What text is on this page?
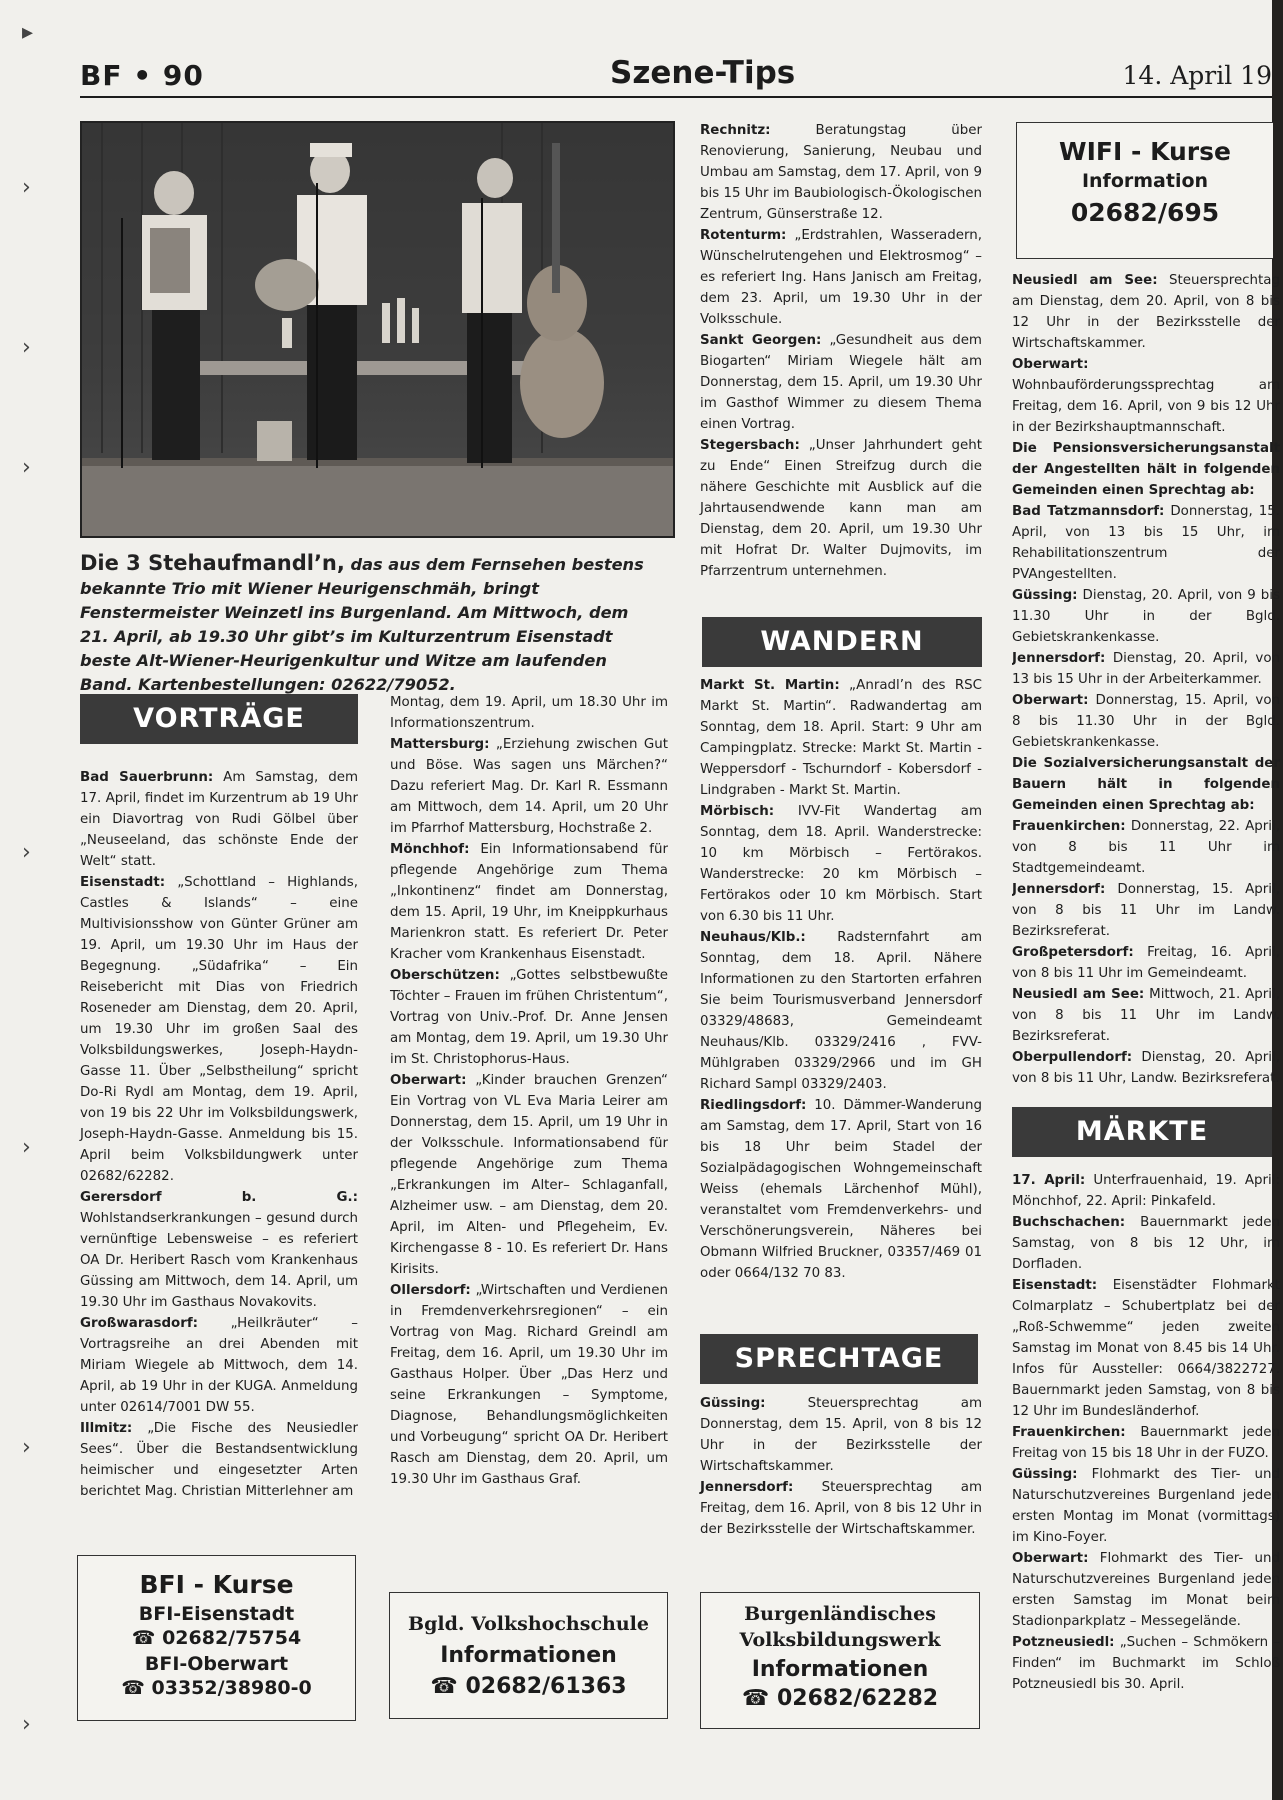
▸
›
›
›
›
›
›
›
BF • 90	Szene-Tips	14. April 19
Die 3 Stehaufmandl’n, das aus dem Fernsehen bestens bekannte Trio mit Wiener Heurigenschmäh, bringt Fenstermeister Weinzetl ins Burgenland. Am Mittwoch, dem 21. April, ab 19.30 Uhr gibt’s im Kulturzentrum Eisenstadt beste Alt-Wiener-Heurigenkultur und Witze am laufenden Band. Kartenbestellungen: 02622/79052.
VORTRÄGE

Bad Sauerbrunn: Am Samstag, dem 17. April, findet im Kurzentrum ab 19 Uhr ein Diavortrag von Rudi Gölbel über „Neuseeland, das schönste Ende der Welt“ statt.

Eisenstadt: „Schottland – Highlands, Castles & Islands“ – eine Multivisionsshow von Günter Grüner am 19. April, um 19.30 Uhr im Haus der Begegnung. „Südafrika“ – Ein Reisebericht mit Dias von Friedrich Roseneder am Dienstag, dem 20. April, um 19.30 Uhr im großen Saal des Volksbildungswerkes, Joseph-Haydn-Gasse 11. Über „Selbstheilung“ spricht Do-Ri Rydl am Montag, dem 19. April, von 19 bis 22 Uhr im Volksbildungswerk, Joseph-Haydn-Gasse. Anmeldung bis 15. April beim Volksbildungwerk unter 02682/62282.

Gerersdorf b. G.: Wohlstandserkrankungen – gesund durch vernünftige Lebensweise – es referiert OA Dr. Heribert Rasch vom Krankenhaus Güssing am Mittwoch, dem 14. April, um 19.30 Uhr im Gasthaus Novakovits.

Großwarasdorf: „Heilkräuter“ – Vortragsreihe an drei Abenden mit Miriam Wiegele ab Mittwoch, dem 14. April, ab 19 Uhr in der KUGA. Anmeldung unter 02614/7001 DW 55.

Illmitz: „Die Fische des Neusiedler Sees“. Über die Bestandsentwicklung heimischer und eingesetzter Arten berichtet Mag. Christian Mitterlehner am

Montag, dem 19. April, um 18.30 Uhr im Informationszentrum.

Mattersburg: „Erziehung zwischen Gut und Böse. Was sagen uns Märchen?“ Dazu referiert Mag. Dr. Karl R. Essmann am Mittwoch, dem 14. April, um 20 Uhr im Pfarrhof Mattersburg, Hochstraße 2.

Mönchhof: Ein Informationsabend für pflegende Angehörige zum Thema „Inkontinenz“ findet am Donnerstag, dem 15. April, 19 Uhr, im Kneippkurhaus Marienkron statt. Es referiert Dr. Peter Kracher vom Krankenhaus Eisenstadt.

Oberschützen: „Gottes selbstbewußte Töchter – Frauen im frühen Christentum“, Vortrag von Univ.-Prof. Dr. Anne Jensen am Montag, dem 19. April, um 19.30 Uhr im St. Christophorus-Haus.

Oberwart: „Kinder brauchen Grenzen“ Ein Vortrag von VL Eva Maria Leirer am Donnerstag, dem 15. April, um 19 Uhr in der Volksschule. Informationsabend für pflegende Angehörige zum Thema „Erkrankungen im Alter– Schlaganfall, Alzheimer usw. – am Dienstag, dem 20. April, im Alten- und Pflegeheim, Ev. Kirchengasse 8 - 10. Es referiert Dr. Hans Kirisits.

Ollersdorf: „Wirtschaften und Verdienen in Fremdenverkehrsregionen“ – ein Vortrag von Mag. Richard Greindl am Freitag, dem 16. April, um 19.30 Uhr im Gasthaus Holper. Über „Das Herz und seine Erkrankungen – Symptome, Diagnose, Behandlungsmöglichkeiten und Vorbeugung“ spricht OA Dr. Heribert Rasch am Dienstag, dem 20. April, um 19.30 Uhr im Gasthaus Graf.

Rechnitz: Beratungstag über Renovierung, Sanierung, Neubau und Umbau am Samstag, dem 17. April, von 9 bis 15 Uhr im Baubiologisch-Ökologischen Zentrum, Günserstraße 12.

Rotenturm: „Erdstrahlen, Wasseradern, Wünschelrutengehen und Elektrosmog“ – es referiert Ing. Hans Janisch am Freitag, dem 23. April, um 19.30 Uhr in der Volksschule.

Sankt Georgen: „Gesundheit aus dem Biogarten“ Miriam Wiegele hält am Donnerstag, dem 15. April, um 19.30 Uhr im Gasthof Wimmer zu diesem Thema einen Vortrag.

Stegersbach: „Unser Jahrhundert geht zu Ende“ Einen Streifzug durch die nähere Geschichte mit Ausblick auf die Jahrtausendwende kann man am Dienstag, dem 20. April, um 19.30 Uhr mit Hofrat Dr. Walter Dujmovits, im Pfarrzentrum unternehmen.

WANDERN

Markt St. Martin: „Anradl’n des RSC Markt St. Martin“. Radwandertag am Sonntag, dem 18. April. Start: 9 Uhr am Campingplatz. Strecke: Markt St. Martin - Weppersdorf - Tschurndorf - Kobersdorf - Lindgraben - Markt St. Martin.

Mörbisch: IVV-Fit Wandertag am Sonntag, dem 18. April. Wanderstrecke: 10 km Mörbisch – Fertörakos. Wanderstrecke: 20 km Mörbisch – Fertörakos oder 10 km Mörbisch. Start von 6.30 bis 11 Uhr.

Neuhaus/Klb.: Radsternfahrt am Sonntag, dem 18. April. Nähere Informationen zu den Startorten erfahren Sie beim Tourismusverband Jennersdorf 03329/48683, Gemeindeamt Neuhaus/Klb. 03329/2416 , FVV-Mühlgraben 03329/2966 und im GH Richard Sampl 03329/2403.

Riedlingsdorf: 10. Dämmer-Wanderung am Samstag, dem 17. April, Start von 16 bis 18 Uhr beim Stadel der Sozialpädagogischen Wohngemeinschaft Weiss (ehemals Lärchenhof Mühl), veranstaltet vom Fremdenverkehrs- und Verschönerungsverein, Näheres bei Obmann Wilfried Bruckner, 03357/469 01 oder 0664/132 70 83.

SPRECHTAGE

Güssing: Steuersprechtag am Donnerstag, dem 15. April, von 8 bis 12 Uhr in der Bezirksstelle der Wirtschaftskammer.

Jennersdorf: Steuersprechtag am Freitag, dem 16. April, von 8 bis 12 Uhr in der Bezirksstelle der Wirtschaftskammer.

WIFI - Kurse
Information
02682/695

Neusiedl am See: Steuersprechtag am Dienstag, dem 20. April, von 8 bis 12 Uhr in der Bezirksstelle der Wirtschaftskammer.

Oberwart: Wohnbauförderungssprechtag am Freitag, dem 16. April, von 9 bis 12 Uhr in der Bezirkshauptmannschaft.

Die Pensionsversicherungsanstalt der Angestellten hält in folgenden Gemeinden einen Sprechtag ab:

Bad Tatzmannsdorf: Donnerstag, 15. April, von 13 bis 15 Uhr, im Rehabilitationszentrum der PVAngestellten.

Güssing: Dienstag, 20. April, von 9 bis 11.30 Uhr in der Bgld. Gebietskrankenkasse.

Jennersdorf: Dienstag, 20. April, von 13 bis 15 Uhr in der Arbeiterkammer.

Oberwart: Donnerstag, 15. April, von 8 bis 11.30 Uhr in der Bgld. Gebietskrankenkasse.

Die Sozialversicherungsanstalt der Bauern hält in folgenden Gemeinden einen Sprechtag ab:

Frauenkirchen: Donnerstag, 22. April, von 8 bis 11 Uhr im Stadtgemeindeamt.

Jennersdorf: Donnerstag, 15. April, von 8 bis 11 Uhr im Landw. Bezirksreferat.

Großpetersdorf: Freitag, 16. April, von 8 bis 11 Uhr im Gemeindeamt.

Neusiedl am See: Mittwoch, 21. April, von 8 bis 11 Uhr im Landw. Bezirksreferat.

Oberpullendorf: Dienstag, 20. April, von 8 bis 11 Uhr, Landw. Bezirksreferat.

MÄRKTE

17. April: Unterfrauenhaid, 19. April: Mönchhof, 22. April: Pinkafeld.

Buchschachen: Bauernmarkt jeden Samstag, von 8 bis 12 Uhr, im Dorfladen.

Eisenstadt: Eisenstädter Flohmarkt Colmarplatz – Schubertplatz bei der „Roß-Schwemme“ jeden zweiten Samstag im Monat von 8.45 bis 14 Uhr. Infos für Aussteller: 0664/3822727. Bauernmarkt jeden Samstag, von 8 bis 12 Uhr im Bundesländerhof.

Frauenkirchen: Bauernmarkt jeden Freitag von 15 bis 18 Uhr in der FUZO.

Güssing: Flohmarkt des Tier- und Naturschutzvereines Burgenland jeden ersten Montag im Monat (vormittags) im Kino-Foyer.

Oberwart: Flohmarkt des Tier- und Naturschutzvereines Burgenland jeden ersten Samstag im Monat beim Stadionparkplatz – Messegelände.

Potzneusiedl: „Suchen – Schmökern – Finden“ im Buchmarkt im Schloß Potzneusiedl bis 30. April.

BFI - Kurse
BFI-Eisenstadt
☎ 02682/75754
BFI-Oberwart
☎ 03352/38980-0
Bgld. Volkshochschule
Informationen
☎ 02682/61363
Burgenländisches
Volksbildungswerk
Informationen
☎ 02682/62282
